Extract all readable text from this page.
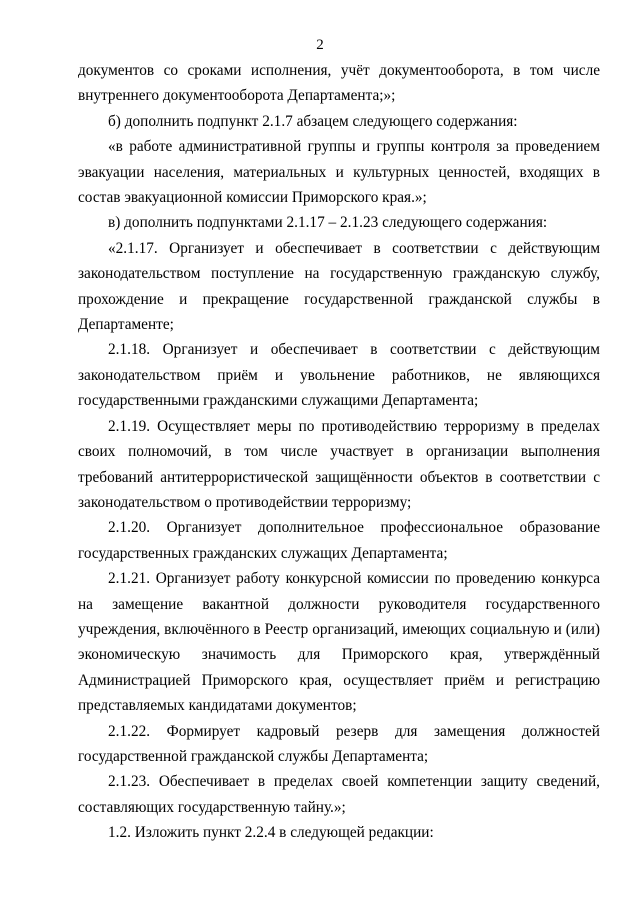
2

документов со сроками исполнения, учёт документооборота, в том числе внутреннего документооборота Департамента;»;

б) дополнить подпункт 2.1.7 абзацем следующего содержания:

«в работе административной группы и группы контроля за проведением эвакуации населения, материальных и культурных ценностей, входящих в состав эвакуационной комиссии Приморского края.»;

в) дополнить подпунктами 2.1.17 – 2.1.23 следующего содержания:

«2.1.17. Организует и обеспечивает в соответствии с действующим законодательством поступление на государственную гражданскую службу, прохождение и прекращение государственной гражданской службы в Департаменте;

2.1.18. Организует и обеспечивает в соответствии с действующим законодательством приём и увольнение работников, не являющихся государственными гражданскими служащими Департамента;

2.1.19. Осуществляет меры по противодействию терроризму в пределах своих полномочий, в том числе участвует в организации выполнения требований антитеррористической защищённости объектов в соответствии с законодательством о противодействии терроризму;

2.1.20. Организует дополнительное профессиональное образование государственных гражданских служащих Департамента;

2.1.21. Организует работу конкурсной комиссии по проведению конкурса на замещение вакантной должности руководителя государственного учреждения, включённого в Реестр организаций, имеющих социальную и (или) экономическую значимость для Приморского края, утверждённый Администрацией Приморского края, осуществляет приём и регистрацию представляемых кандидатами документов;

2.1.22. Формирует кадровый резерв для замещения должностей государственной гражданской службы Департамента;

2.1.23. Обеспечивает в пределах своей компетенции защиту сведений, составляющих государственную тайну.»;

1.2. Изложить пункт 2.2.4 в следующей редакции:
